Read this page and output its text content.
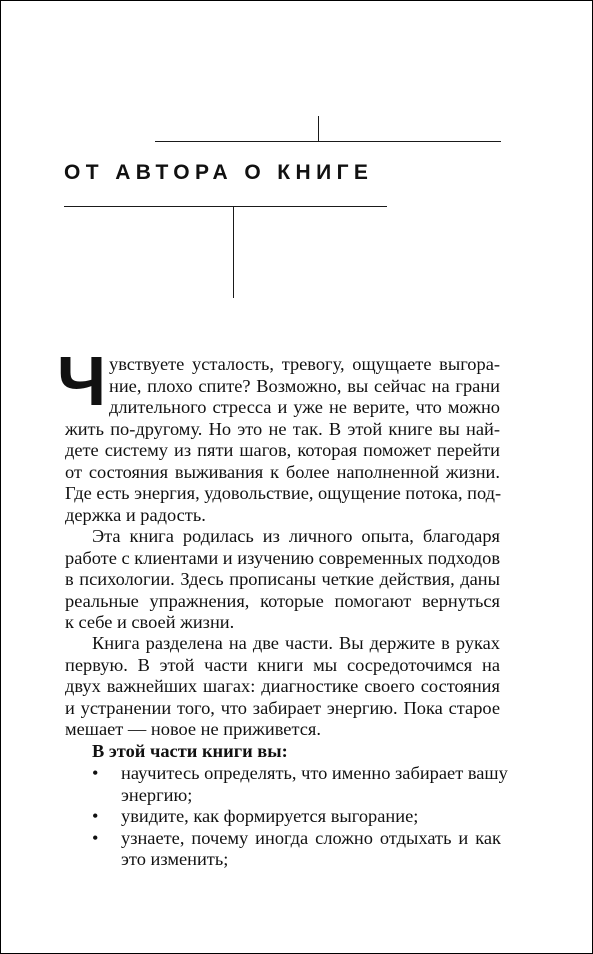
ОТ АВТОРА О КНИГЕ
Ч увствуете усталость, тревогу, ощущаете выгора-
ние, плохо спите? Возможно, вы сейчас на грани
длительного стресса и уже не верите, что можно
жить по-другому. Но это не так. В этой книге вы най-
дете систему из пяти шагов, которая поможет перейти
от состояния выживания к более наполненной жизни.
Где есть энергия, удовольствие, ощущение потока, под-
держка и радость.
Эта книга родилась из личного опыта, благодаря
работе с клиентами и изучению современных подходов
в психологии. Здесь прописаны четкие действия, даны
реальные упражнения, которые помогают вернуться
к себе и своей жизни.
Книга разделена на две части. Вы держите в руках
первую. В этой части книги мы сосредоточимся на
двух важнейших шагах: диагностике своего состояния
и устранении того, что забирает энергию. Пока старое
мешает — новое не приживется.
В этой части книги вы:
• научитесь определять, что именно забирает вашу
энергию;
• увидите, как формируется выгорание;
• узнаете, почему иногда сложно отдыхать и как
это изменить;
